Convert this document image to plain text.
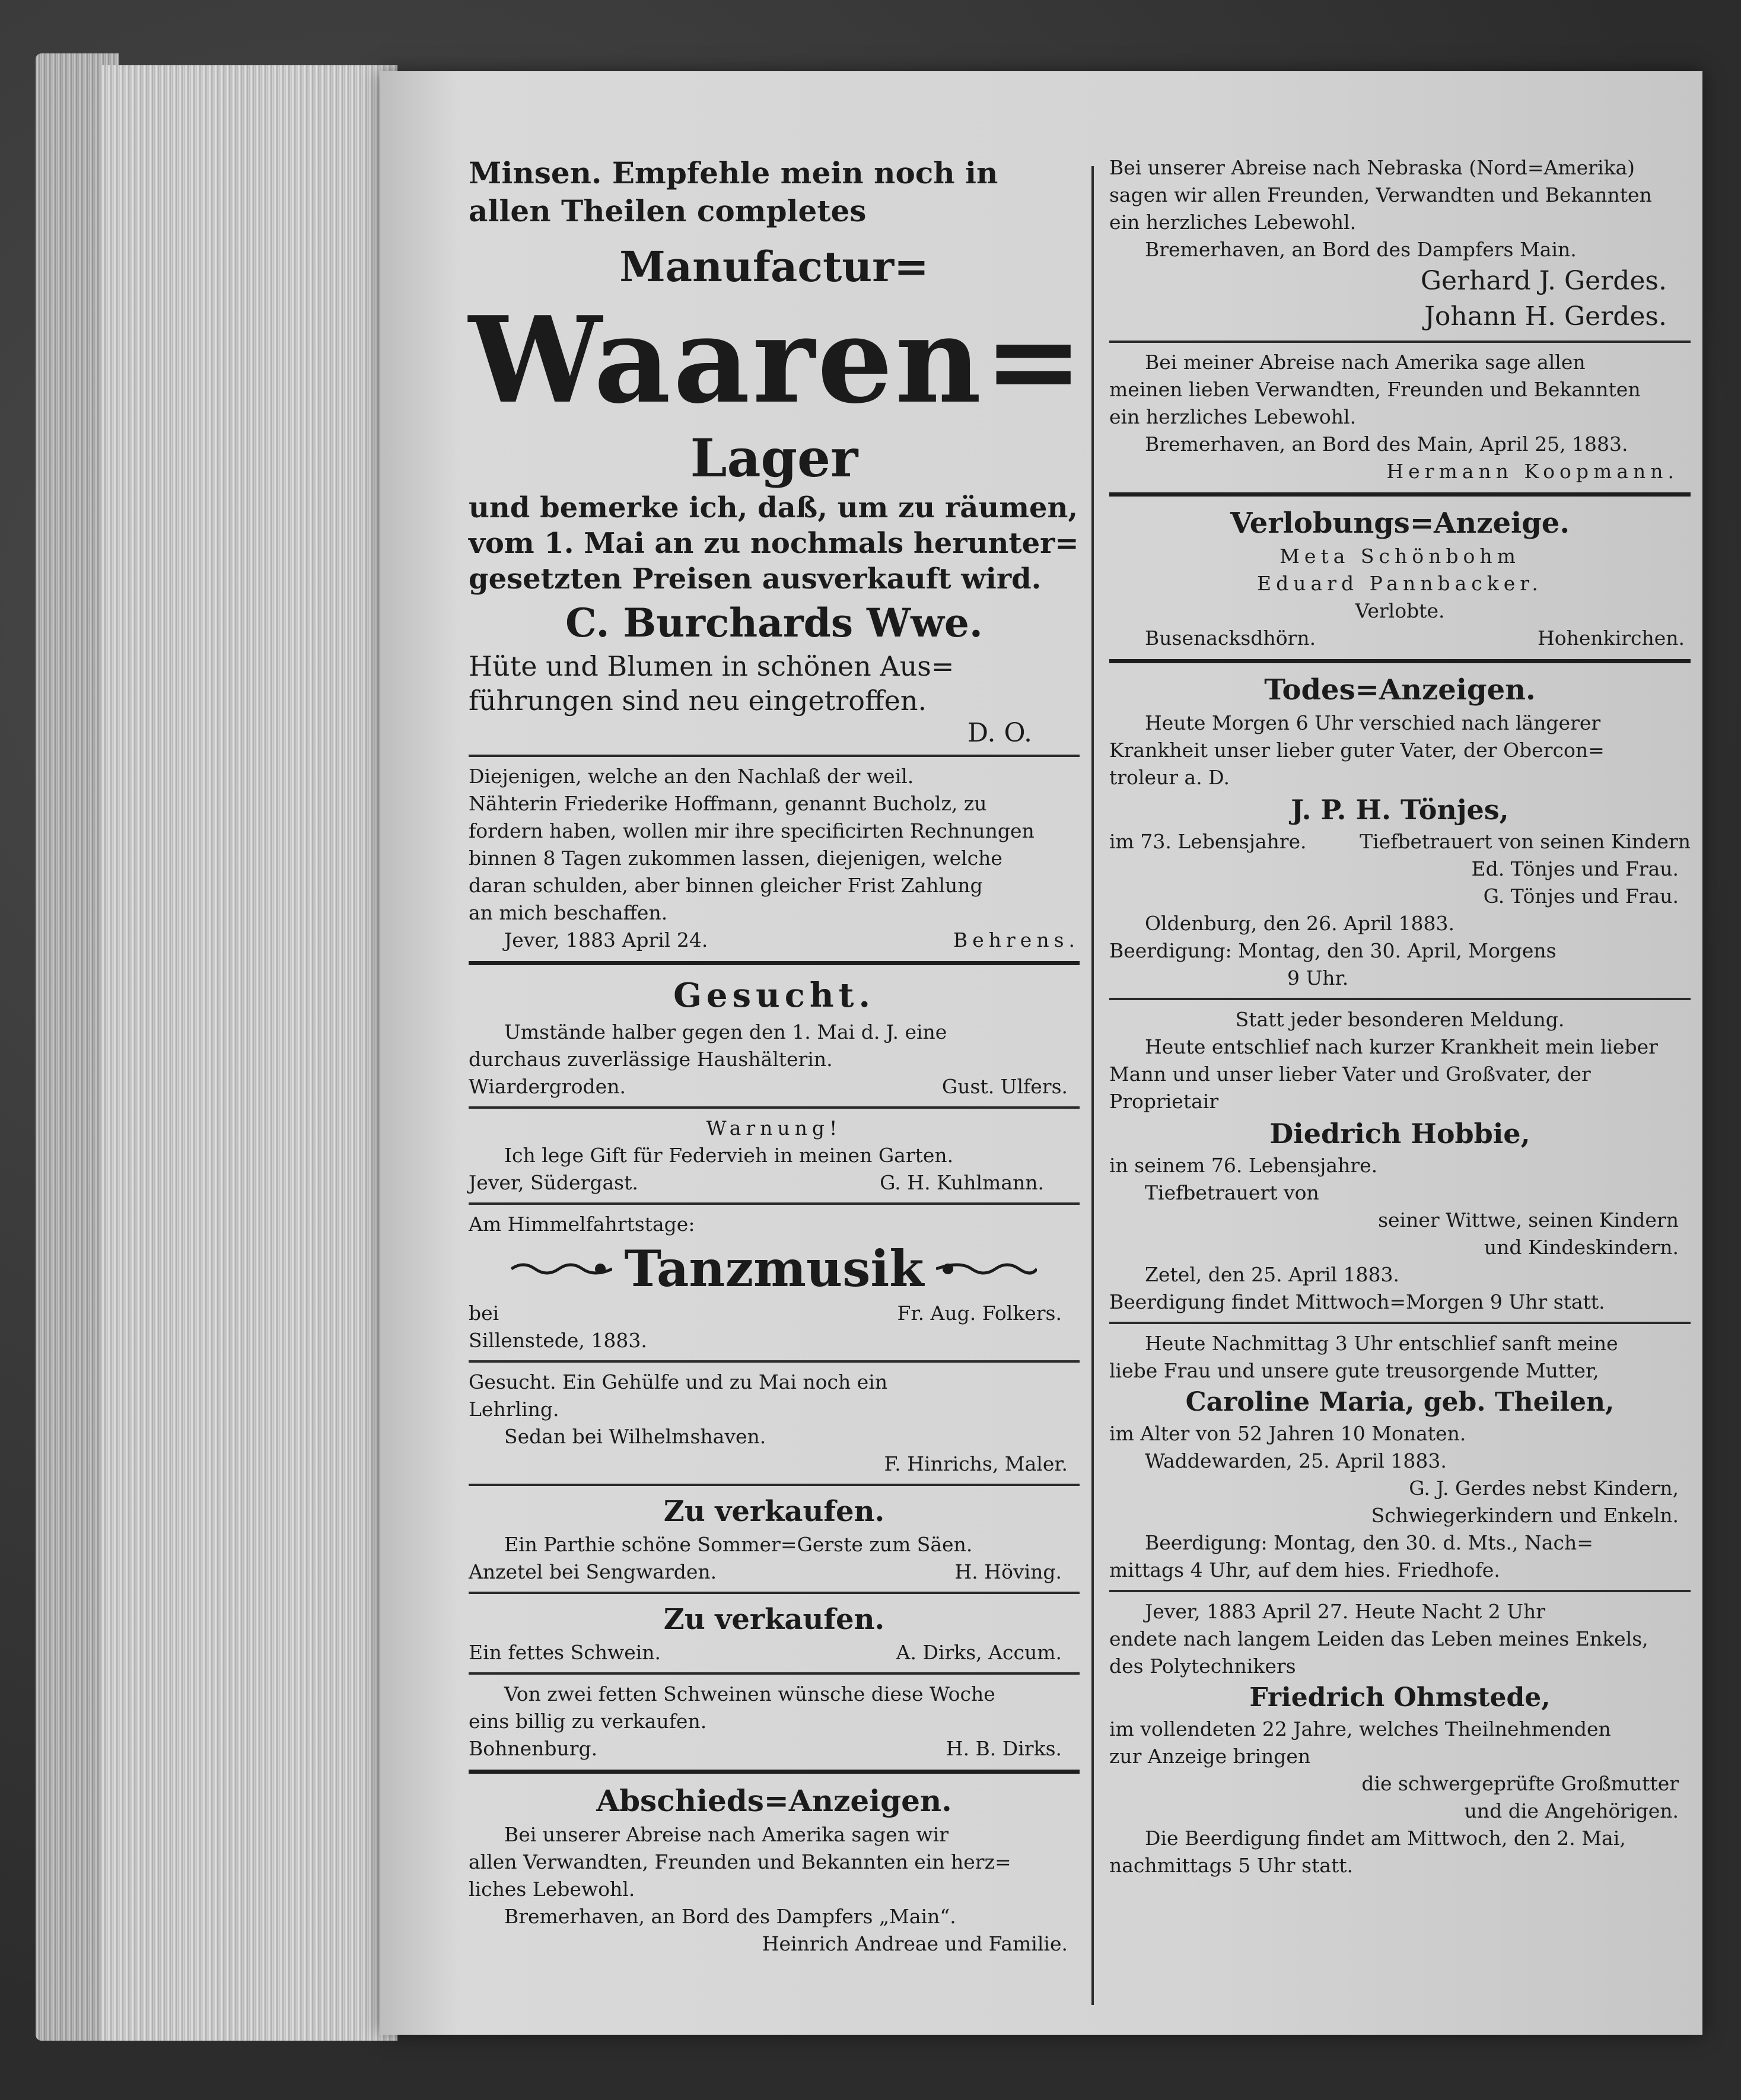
Minsen. Empfehle mein noch in

allen Theilen completes

Manufactur=

Waaren=

Lager

und bemerke ich, daß, um zu räumen,

vom 1. Mai an zu nochmals herunter=

gesetzten Preisen ausverkauft wird.

C. Burchards Wwe.

Hüte und Blumen in schönen Aus=

führungen sind neu eingetroffen.

D. O.

Diejenigen, welche an den Nachlaß der weil.

Nähterin Friederike Hoffmann, genannt Bucholz, zu

fordern haben, wollen mir ihre specificirten Rechnungen

binnen 8 Tagen zukommen lassen, diejenigen, welche

daran schulden, aber binnen gleicher Frist Zahlung

an mich beschaffen.

Jever, 1883 April 24.	Behrens.

Gesucht.

Umstände halber gegen den 1. Mai d. J. eine

durchaus zuverlässige Haushälterin.

Wiardergroden.	Gust. Ulfers.

Warnung!

Ich lege Gift für Federvieh in meinen Garten.

Jever, Südergast.	G. H. Kuhlmann.

Am Himmelfahrtstage:

Tanzmusik

bei	Fr. Aug. Folkers.

Sillenstede, 1883.

Gesucht. Ein Gehülfe und zu Mai noch ein

Lehrling.

Sedan bei Wilhelmshaven.

F. Hinrichs, Maler.

Zu verkaufen.

Ein Parthie schöne Sommer=Gerste zum Säen.

Anzetel bei Sengwarden.	H. Höving.

Zu verkaufen.

Ein fettes Schwein.	A. Dirks, Accum.

Von zwei fetten Schweinen wünsche diese Woche

eins billig zu verkaufen.

Bohnenburg.	H. B. Dirks.

Abschieds=Anzeigen.

Bei unserer Abreise nach Amerika sagen wir

allen Verwandten, Freunden und Bekannten ein herz=

liches Lebewohl.

Bremerhaven, an Bord des Dampfers „Main“.

Heinrich Andreae und Familie.

Bei unserer Abreise nach Nebraska (Nord=Amerika)

sagen wir allen Freunden, Verwandten und Bekannten

ein herzliches Lebewohl.

Bremerhaven, an Bord des Dampfers Main.

Gerhard J. Gerdes.

Johann H. Gerdes.

Bei meiner Abreise nach Amerika sage allen

meinen lieben Verwandten, Freunden und Bekannten

ein herzliches Lebewohl.

Bremerhaven, an Bord des Main, April 25, 1883.

Hermann Koopmann.

Verlobungs=Anzeige.

Meta Schönbohm

Eduard Pannbacker.

Verlobte.

Busenacksdhörn.	Hohenkirchen.

Todes=Anzeigen.

Heute Morgen 6 Uhr verschied nach längerer

Krankheit unser lieber guter Vater, der Obercon=

troleur a. D.

J. P. H. Tönjes,

im 73. Lebensjahre.	Tiefbetrauert von seinen Kindern

Ed. Tönjes und Frau.

G. Tönjes und Frau.

Oldenburg, den 26. April 1883.

Beerdigung: Montag, den 30. April, Morgens

9 Uhr.

Statt jeder besonderen Meldung.

Heute entschlief nach kurzer Krankheit mein lieber

Mann und unser lieber Vater und Großvater, der

Proprietair

Diedrich Hobbie,

in seinem 76. Lebensjahre.

Tiefbetrauert von

seiner Wittwe, seinen Kindern

und Kindeskindern.

Zetel, den 25. April 1883.

Beerdigung findet Mittwoch=Morgen 9 Uhr statt.

Heute Nachmittag 3 Uhr entschlief sanft meine

liebe Frau und unsere gute treusorgende Mutter,

Caroline Maria, geb. Theilen,

im Alter von 52 Jahren 10 Monaten.

Waddewarden, 25. April 1883.

G. J. Gerdes nebst Kindern,

Schwiegerkindern und Enkeln.

Beerdigung: Montag, den 30. d. Mts., Nach=

mittags 4 Uhr, auf dem hies. Friedhofe.

Jever, 1883 April 27. Heute Nacht 2 Uhr

endete nach langem Leiden das Leben meines Enkels,

des Polytechnikers

Friedrich Ohmstede,

im vollendeten 22 Jahre, welches Theilnehmenden

zur Anzeige bringen

die schwergeprüfte Großmutter

und die Angehörigen.

Die Beerdigung findet am Mittwoch, den 2. Mai,

nachmittags 5 Uhr statt.
